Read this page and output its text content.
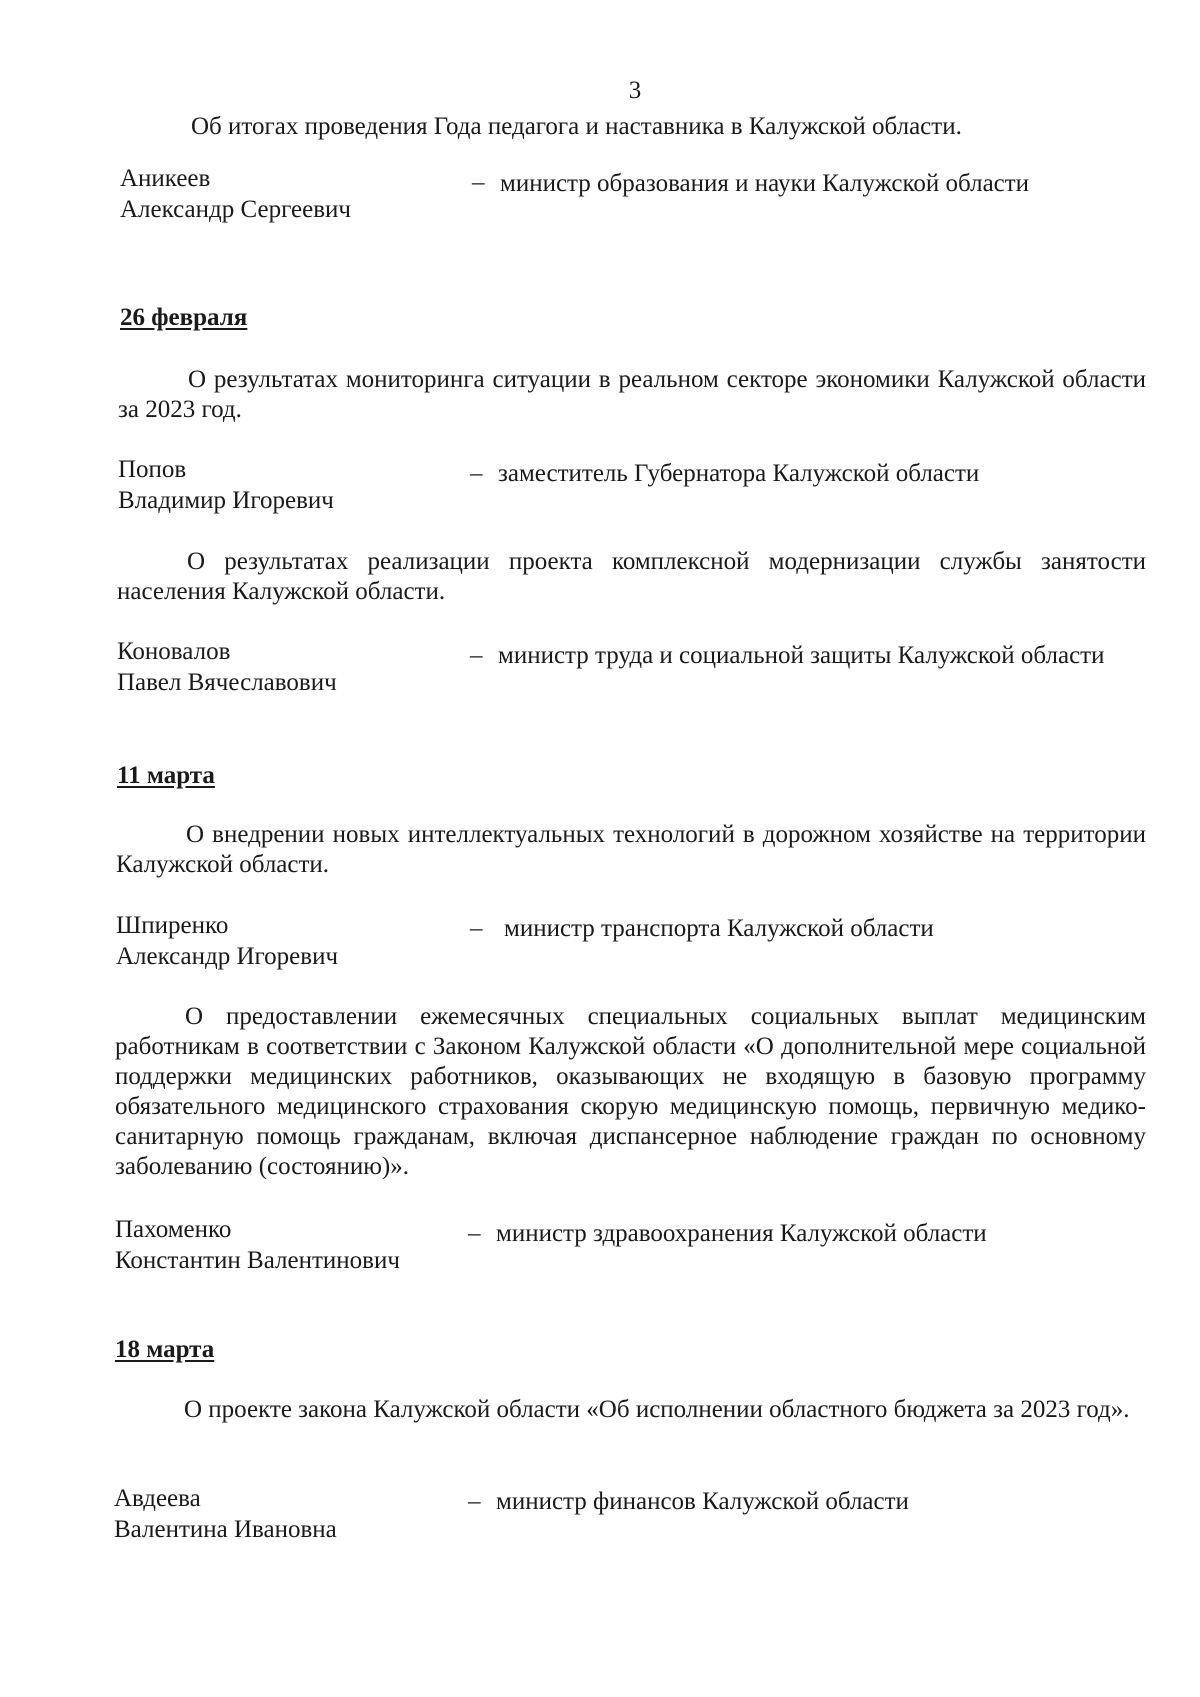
3
Об итогах проведения Года педагога и наставника в Калужской области.
Аникеев
Александр Сергеевич
– министр образования и науки Калужской области
26 февраля
О результатах мониторинга ситуации в реальном секторе экономики Калужской области за 2023 год.
Попов
Владимир Игоревич
– заместитель Губернатора Калужской области
О результатах реализации проекта комплексной модернизации службы занятости населения Калужской области.
Коновалов
Павел Вячеславович
– министр труда и социальной защиты Калужской области
11 марта
О внедрении новых интеллектуальных технологий в дорожном хозяйстве на территории Калужской области.
Шпиренко
Александр Игоревич
– министр транспорта Калужской области
О предоставлении ежемесячных специальных социальных выплат медицинским работникам в соответствии с Законом Калужской области «О дополнительной мере социальной поддержки медицинских работников, оказывающих не входящую в базовую программу обязательного медицинского страхования скорую медицинскую помощь, первичную медико-санитарную помощь гражданам, включая диспансерное наблюдение граждан по основному заболеванию (состоянию)».
Пахоменко
Константин Валентинович
– министр здравоохранения Калужской области
18 марта
О проекте закона Калужской области «Об исполнении областного бюджета за 2023 год».
Авдеева
Валентина Ивановна
– министр финансов Калужской области
